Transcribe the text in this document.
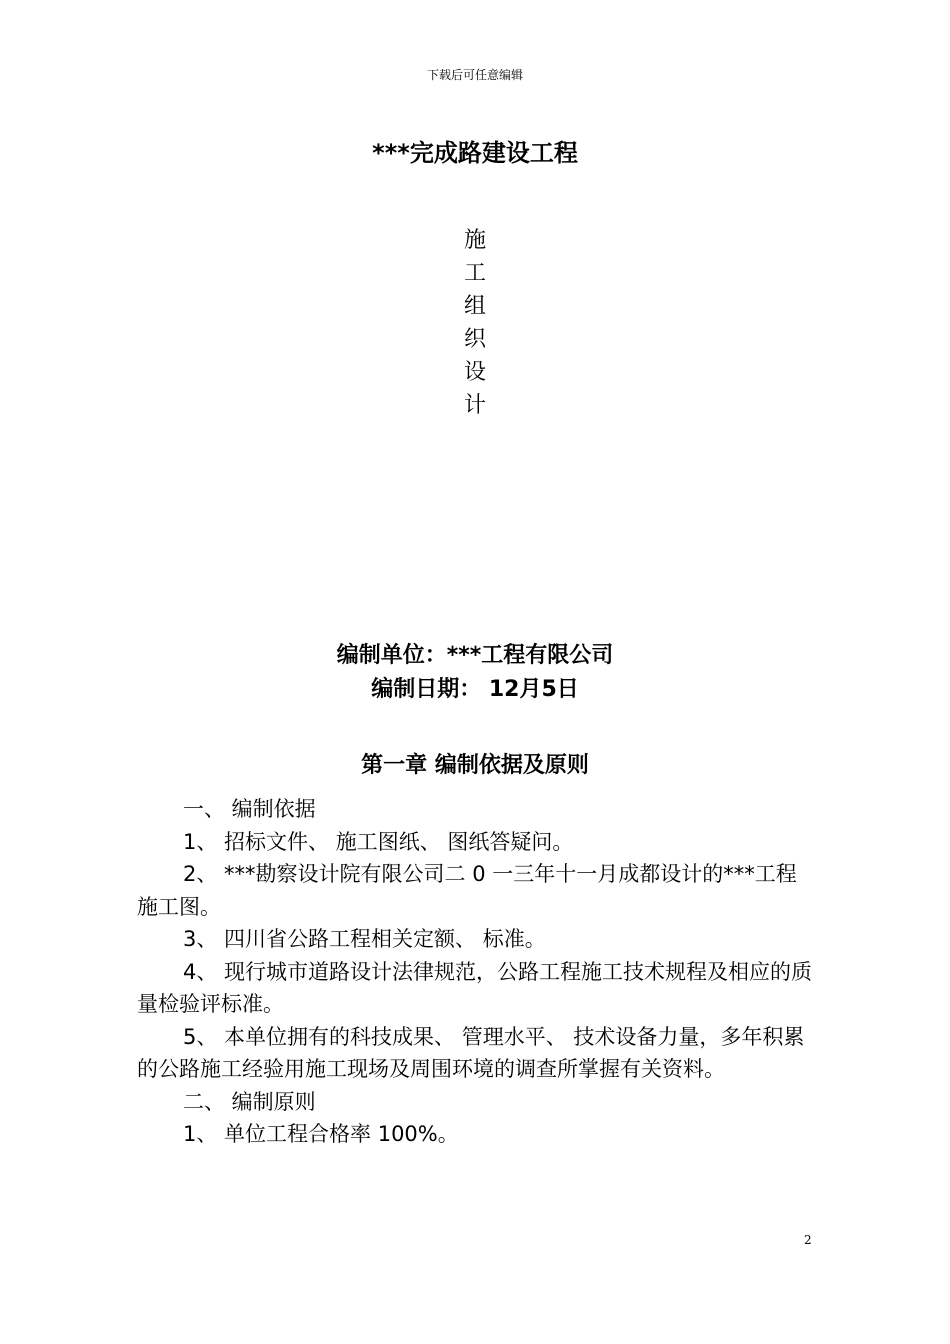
下载后可任意编辑
***完成路建设工程
施
工
组
织
设
计
编制单位：***工程有限公司
编制日期： 12月5日
第一章 编制依据及原则

一、 编制依据

1、 招标文件、 施工图纸、 图纸答疑问。

2、 ***勘察设计院有限公司二 0 一三年十一月成都设计的***工程施工图。

3、 四川省公路工程相关定额、 标准。

4、 现行城市道路设计法律规范，公路工程施工技术规程及相应的质量检验评标准。

5、 本单位拥有的科技成果、 管理水平、 技术设备力量，多年积累的公路施工经验用施工现场及周围环境的调查所掌握有关资料。

二、 编制原则

1、 单位工程合格率 100%。

2
